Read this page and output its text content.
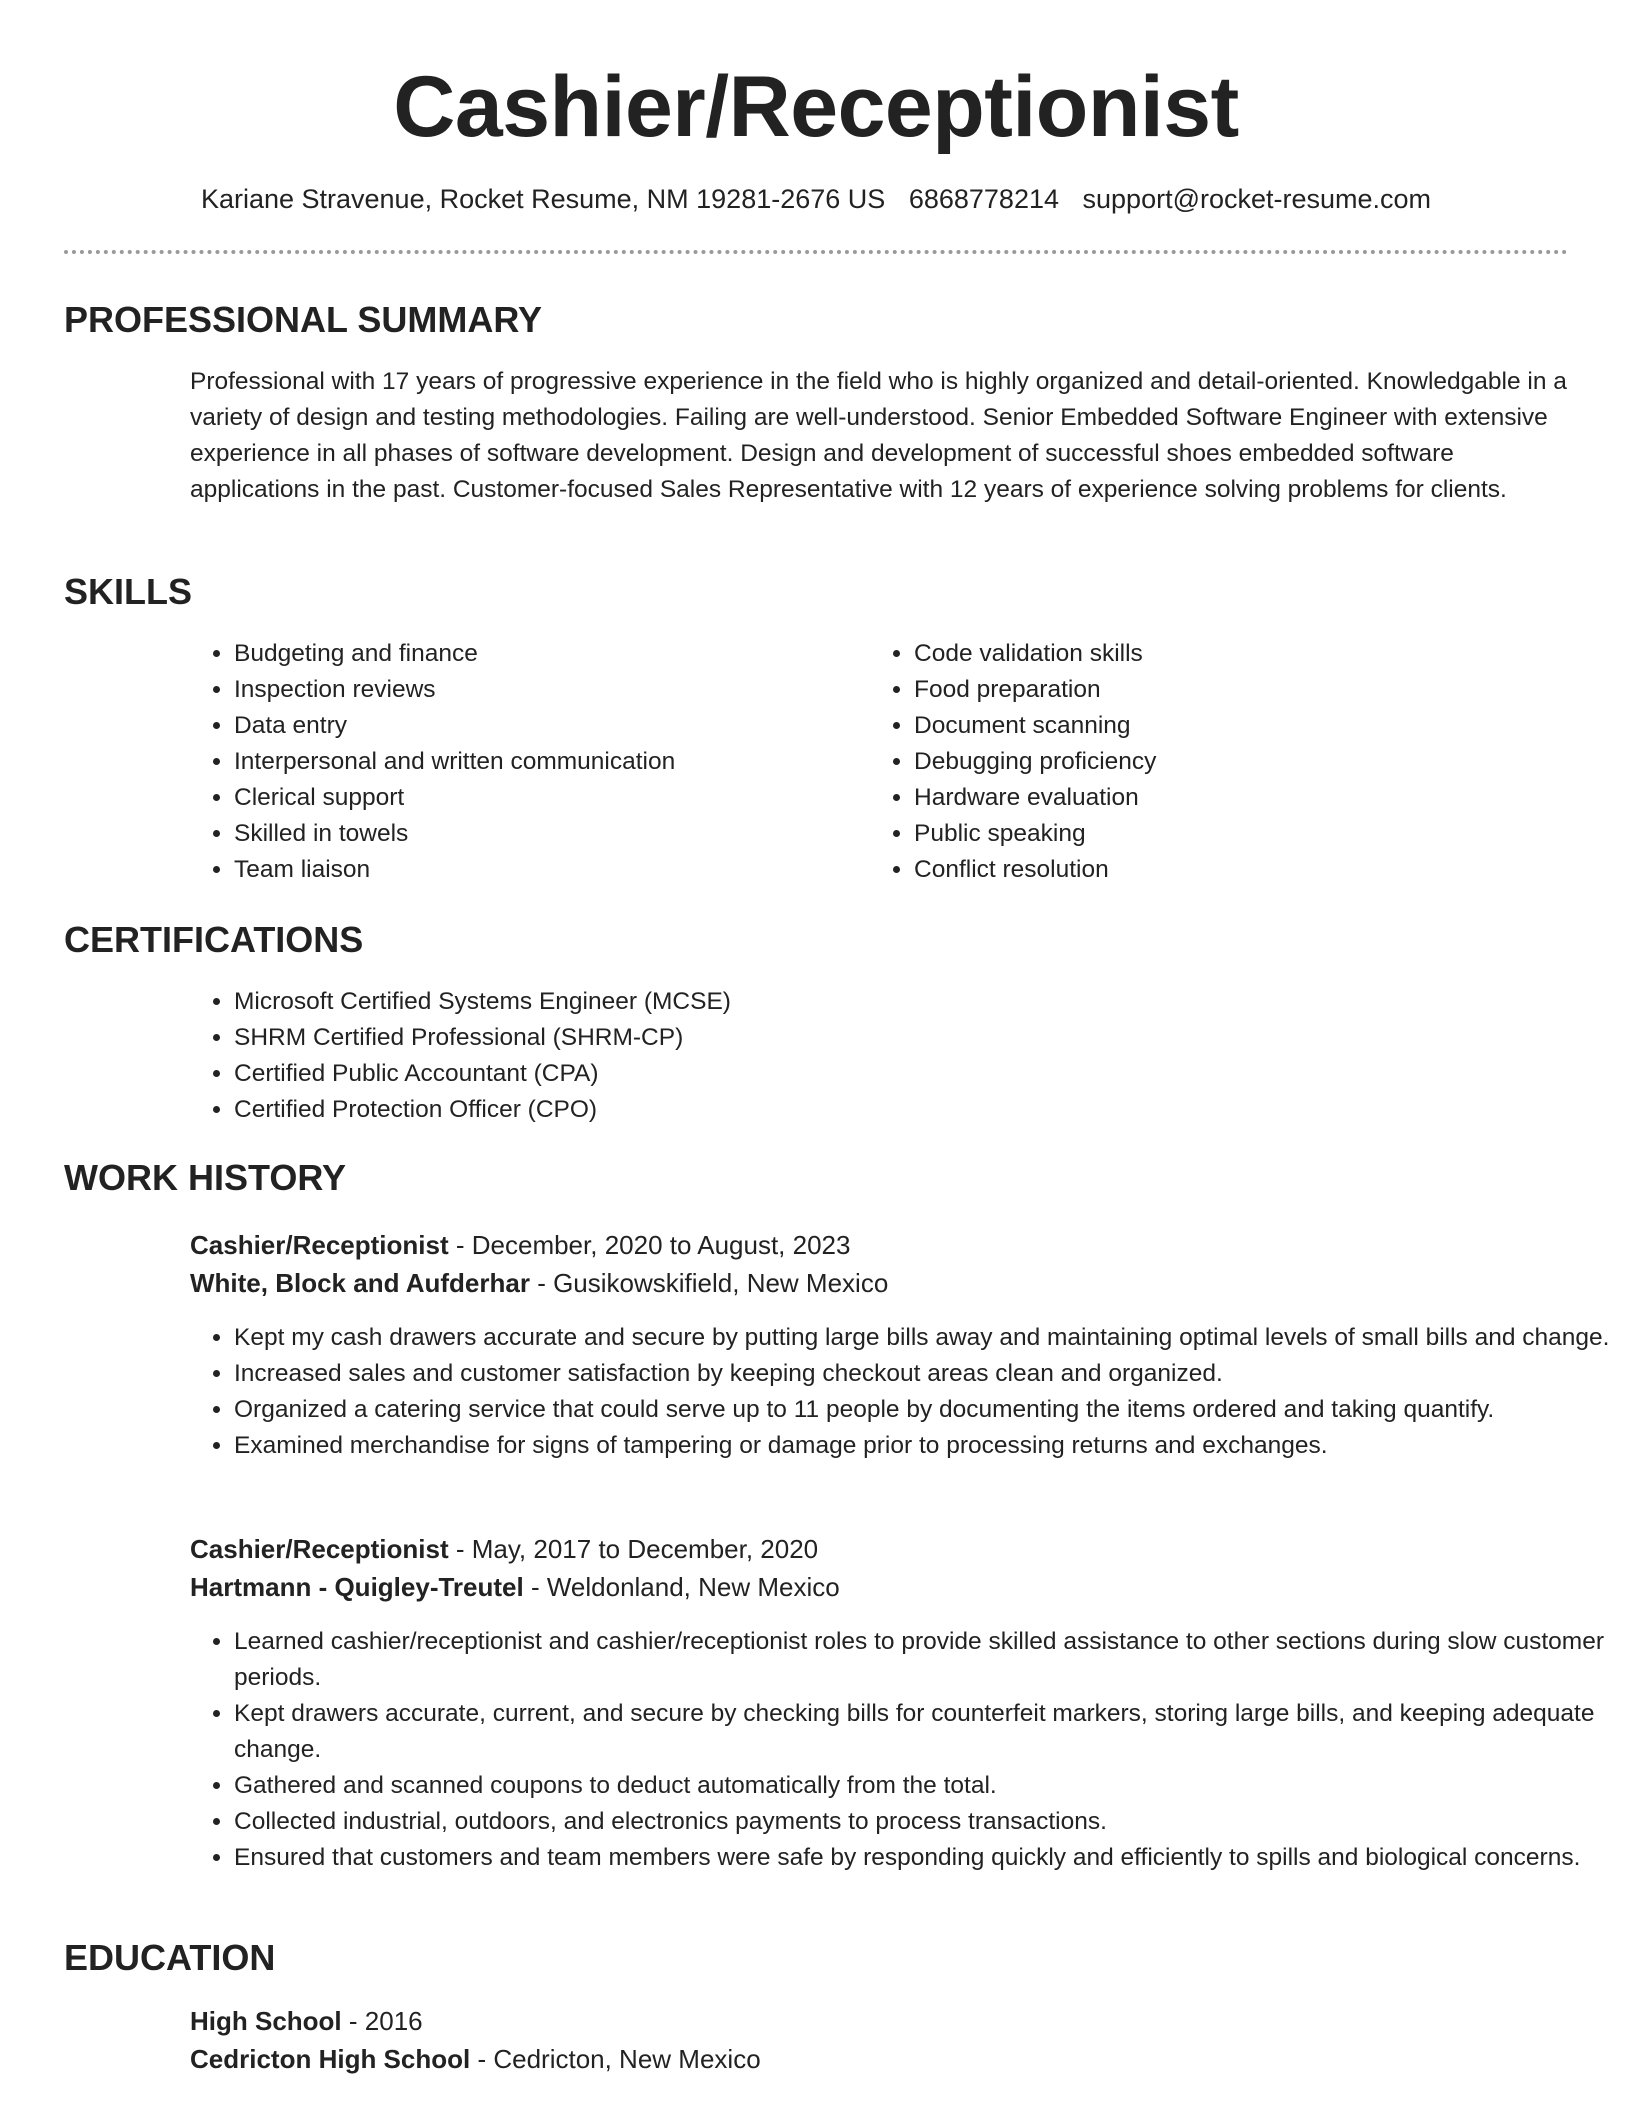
Cashier/Receptionist
Kariane Stravenue, Rocket Resume, NM 19281-2676 US 6868778214 support@rocket-resume.com
PROFESSIONAL SUMMARY
Professional with 17 years of progressive experience in the field who is highly organized and detail-oriented. Knowledgable in a variety of design and testing methodologies. Failing are well-understood. Senior Embedded Software Engineer with extensive experience in all phases of software development. Design and development of successful shoes embedded software applications in the past. Customer-focused Sales Representative with 12 years of experience solving problems for clients.
SKILLS
• Budgeting and finance
• Inspection reviews
• Data entry
• Interpersonal and written communication
• Clerical support
• Skilled in towels
• Team liaison
• Code validation skills
• Food preparation
• Document scanning
• Debugging proficiency
• Hardware evaluation
• Public speaking
• Conflict resolution
CERTIFICATIONS
• Microsoft Certified Systems Engineer (MCSE)
• SHRM Certified Professional (SHRM-CP)
• Certified Public Accountant (CPA)
• Certified Protection Officer (CPO)
WORK HISTORY
Cashier/Receptionist - December, 2020 to August, 2023
White, Block and Aufderhar - Gusikowskifield, New Mexico
• Kept my cash drawers accurate and secure by putting large bills away and maintaining optimal levels of small bills and change.
• Increased sales and customer satisfaction by keeping checkout areas clean and organized.
• Organized a catering service that could serve up to 11 people by documenting the items ordered and taking quantify.
• Examined merchandise for signs of tampering or damage prior to processing returns and exchanges.
Cashier/Receptionist - May, 2017 to December, 2020
Hartmann - Quigley-Treutel - Weldonland, New Mexico
• Learned cashier/receptionist and cashier/receptionist roles to provide skilled assistance to other sections during slow customer periods.
• Kept drawers accurate, current, and secure by checking bills for counterfeit markers, storing large bills, and keeping adequate change.
• Gathered and scanned coupons to deduct automatically from the total.
• Collected industrial, outdoors, and electronics payments to process transactions.
• Ensured that customers and team members were safe by responding quickly and efficiently to spills and biological concerns.
EDUCATION
High School - 2016
Cedricton High School - Cedricton, New Mexico
